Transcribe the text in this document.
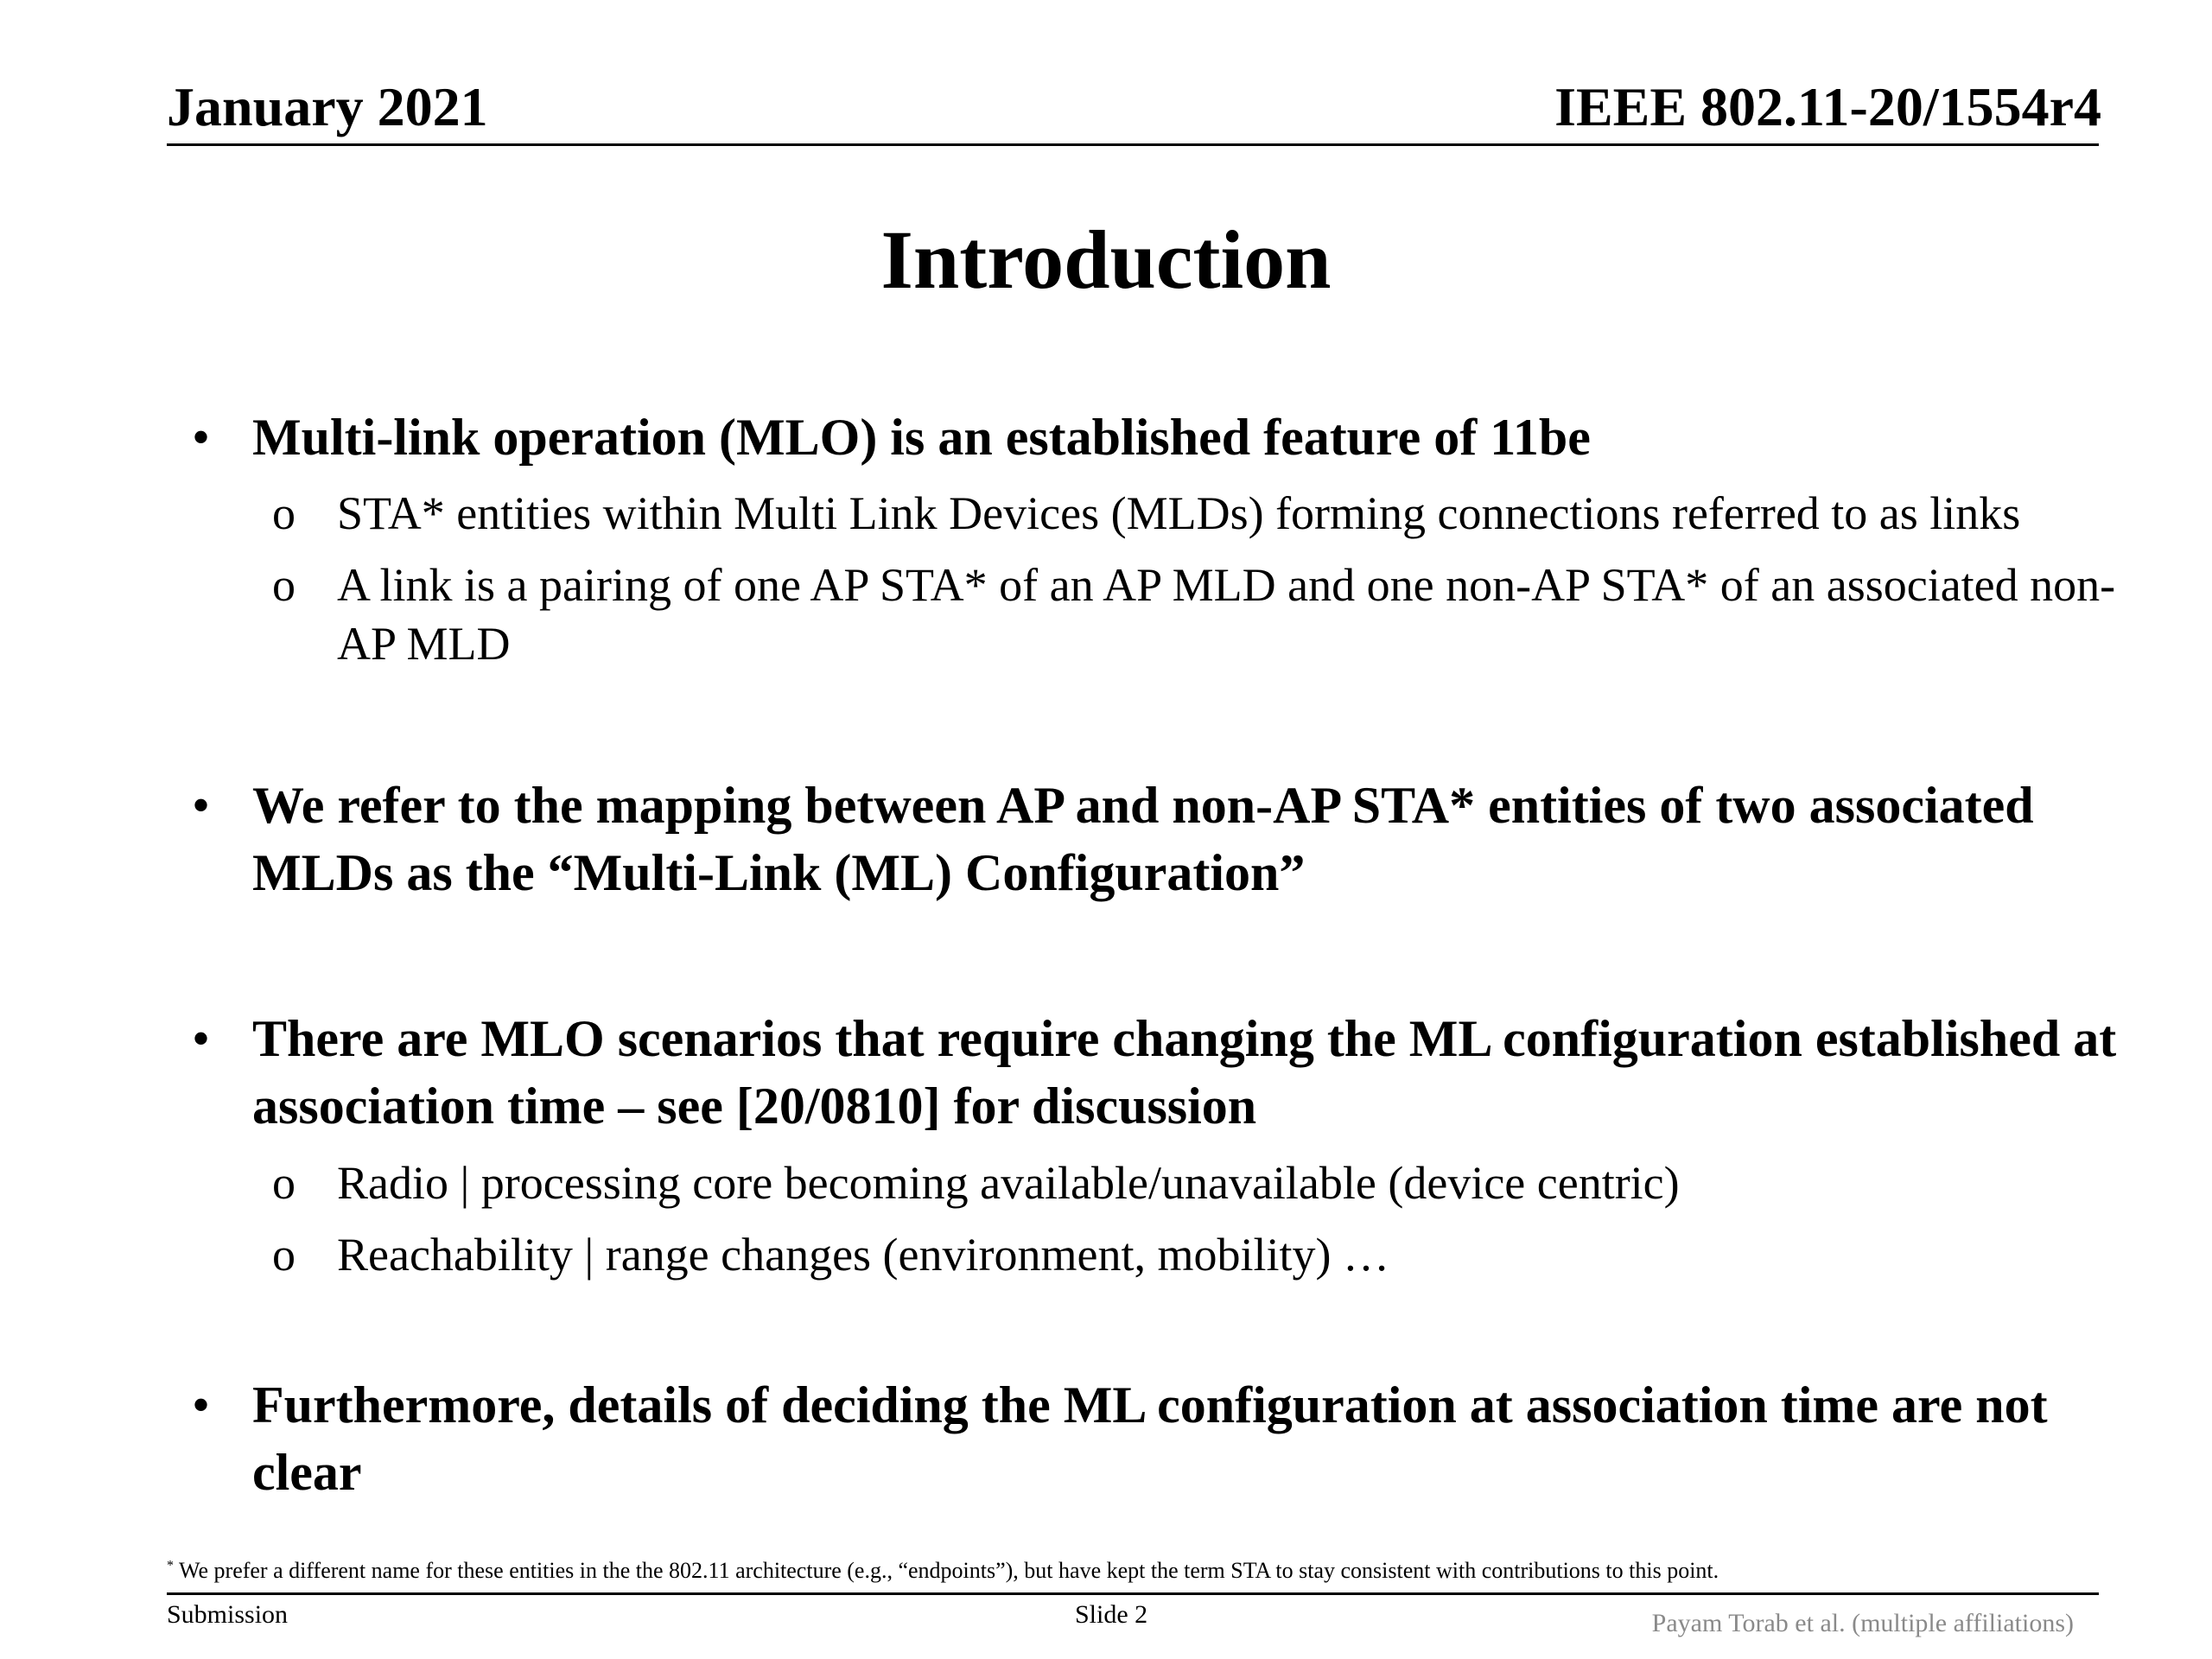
January 2021	IEEE 802.11-20/1554r4
Introduction
• Multi-link operation (MLO) is an established feature of 11be
o STA* entities within Multi Link Devices (MLDs) forming connections referred to as links
o A link is a pairing of one AP STA* of an AP MLD and one non-AP STA* of an associated non-AP MLD
• We refer to the mapping between AP and non-AP STA* entities of two associated MLDs as the “Multi-Link (ML) Configuration”
• There are MLO scenarios that require changing the ML configuration established at association time – see [20/0810] for discussion
o Radio | processing core becoming available/unavailable (device centric)
o Reachability | range changes (environment, mobility) …
• Furthermore, details of deciding the ML configuration at association time are not clear
* We prefer a different name for these entities in the the 802.11 architecture (e.g., “endpoints”), but have kept the term STA to stay consistent with contributions to this point.
Submission	Slide 2	Payam Torab et al. (multiple affiliations)
